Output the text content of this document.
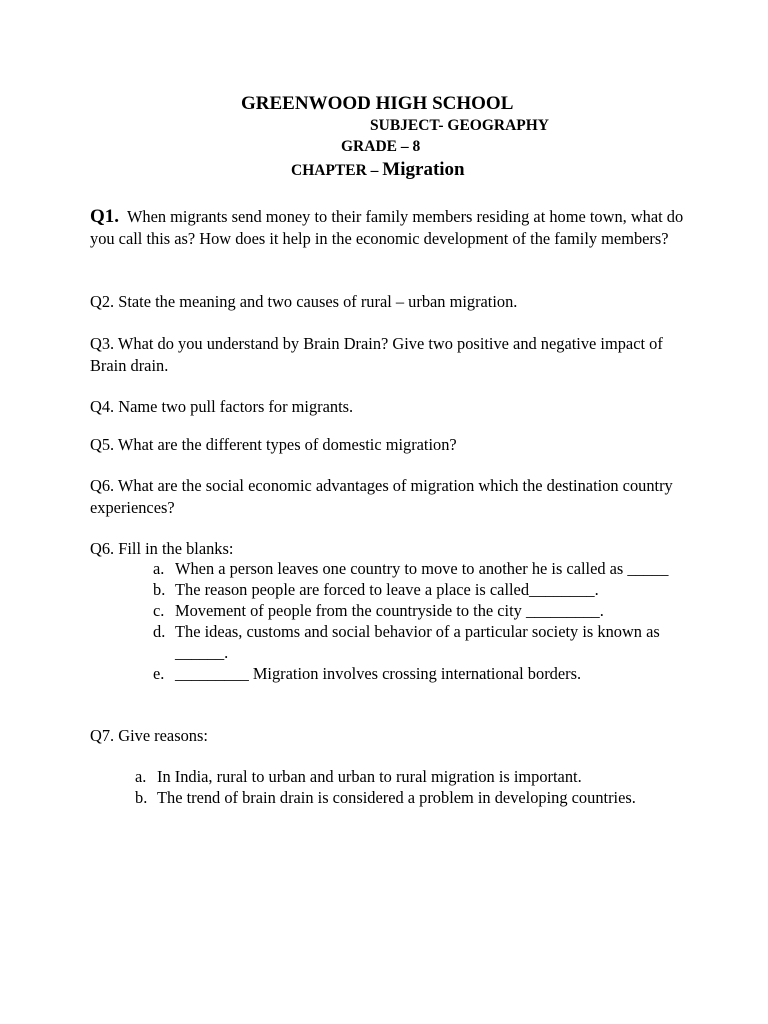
GREENWOOD HIGH SCHOOL
SUBJECT- GEOGRAPHY
GRADE – 8
CHAPTER – Migration
Q1. When migrants send money to their family members residing at home town, what do you call this as? How does it help in the economic development of the family members?
Q2. State the meaning and two causes of rural – urban migration.
Q3. What do you understand by Brain Drain? Give two positive and negative impact of Brain drain.
Q4. Name two pull factors for migrants.
Q5. What are the different types of domestic migration?
Q6. What are the social economic advantages of migration which the destination country experiences?
Q6. Fill in the blanks:
a. When a person leaves one country to move to another he is called as _____
b. The reason people are forced to leave a place is called________.
c. Movement of people from the countryside to the city _________.
d. The ideas, customs and social behavior of a particular society is known as ______.
e. _________ Migration involves crossing international borders.
Q7. Give reasons:
a. In India, rural to urban and urban to rural migration is important.
b. The trend of brain drain is considered a problem in developing countries.
